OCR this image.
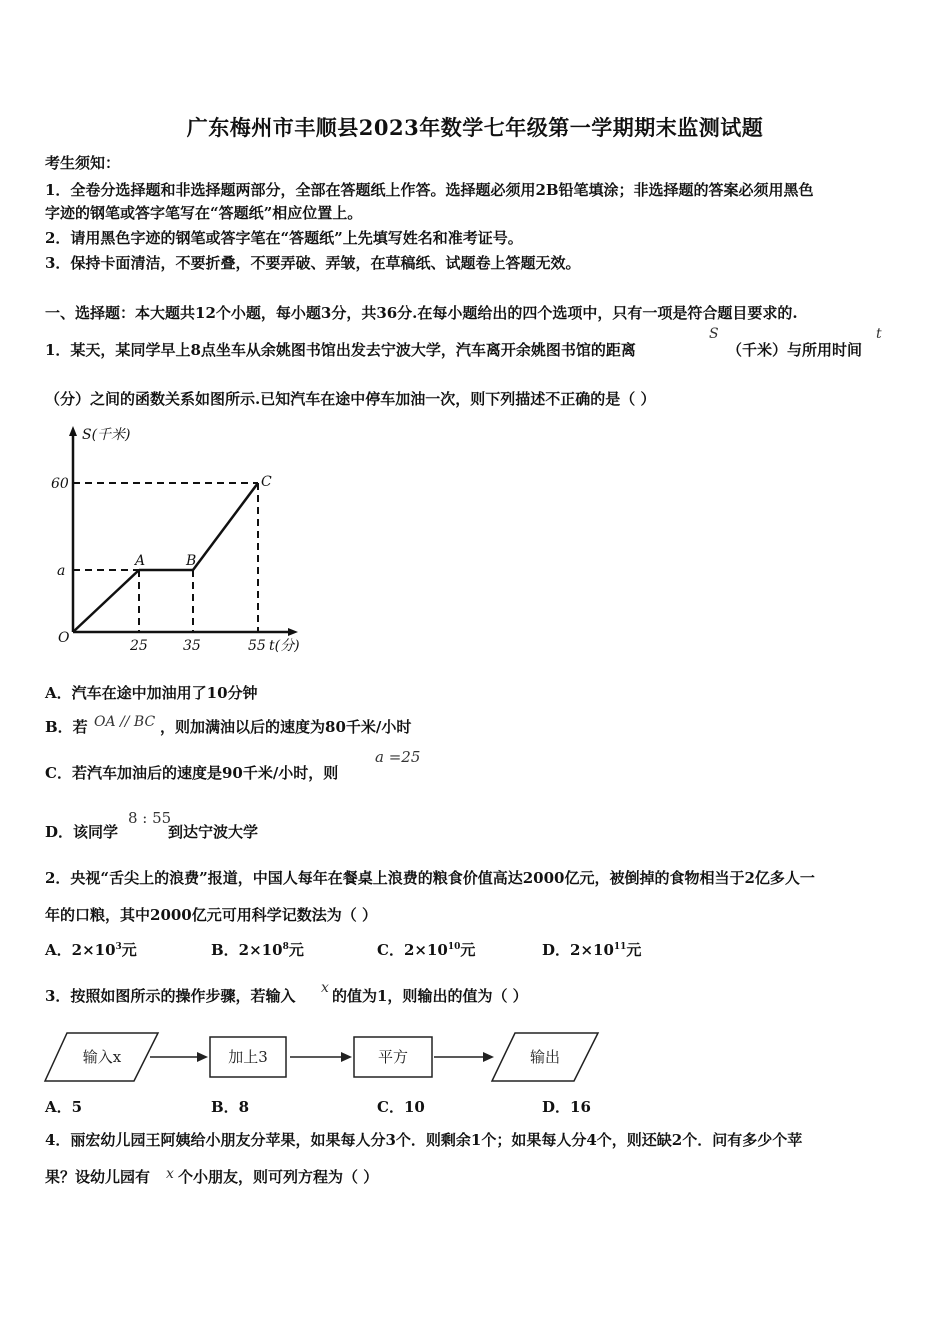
广东梅州市丰顺县2023年数学七年级第一学期期末监测试题
考生须知：
1．全卷分选择题和非选择题两部分，全部在答题纸上作答。选择题必须用2B铅笔填涂；非选择题的答案必须用黑色
字迹的钢笔或答字笔写在“答题纸”相应位置上。
2．请用黑色字迹的钢笔或答字笔在“答题纸”上先填写姓名和准考证号。
3．保持卡面清洁，不要折叠，不要弄破、弄皱，在草稿纸、试题卷上答题无效。
一、选择题：本大题共12个小题，每小题3分，共36分.在每小题给出的四个选项中，只有一项是符合题目要求的.
1．某天，某同学早上8点坐车从余姚图书馆出发去宁波大学，汽车离开余姚图书馆的距离
S
（千米）与所用时间
t
（分）之间的函数关系如图所示.已知汽车在途中停车加油一次，则下列描述不正确的是（ ）
S(千米)
t(分)
60
a
25	35	55
O
A	B
C
A．汽车在途中加油用了10分钟
B．若 OA // BC ，则加满油以后的速度为80千米/小时
C．若汽车加油后的速度是90千米/小时，则
a =25
D．该同学
8 : 55
到达宁波大学
2．央视“舌尖上的浪费”报道，中国人每年在餐桌上浪费的粮食价值高达2000亿元，被倒掉的食物相当于2亿多人一
年的口粮，其中2000亿元可用科学记数法为（ ）
A．$2\times 10^3$元	B．$2\times 10^8$元	C．$2\times 10^{10}$元	D．$2\times 10^{11}$元
3．按照如图所示的操作步骤，若输入 x 的值为1，则输出的值为（ ）
输入x	加上3	平方	输出
A．5	B．8	C．10	D．16
4．丽宏幼儿园王阿姨给小朋友分苹果，如果每人分3个．则剩余1个；如果每人分4个，则还缺2个．问有多少个苹
果？设幼儿园有 x 个小朋友，则可列方程为（ ）
